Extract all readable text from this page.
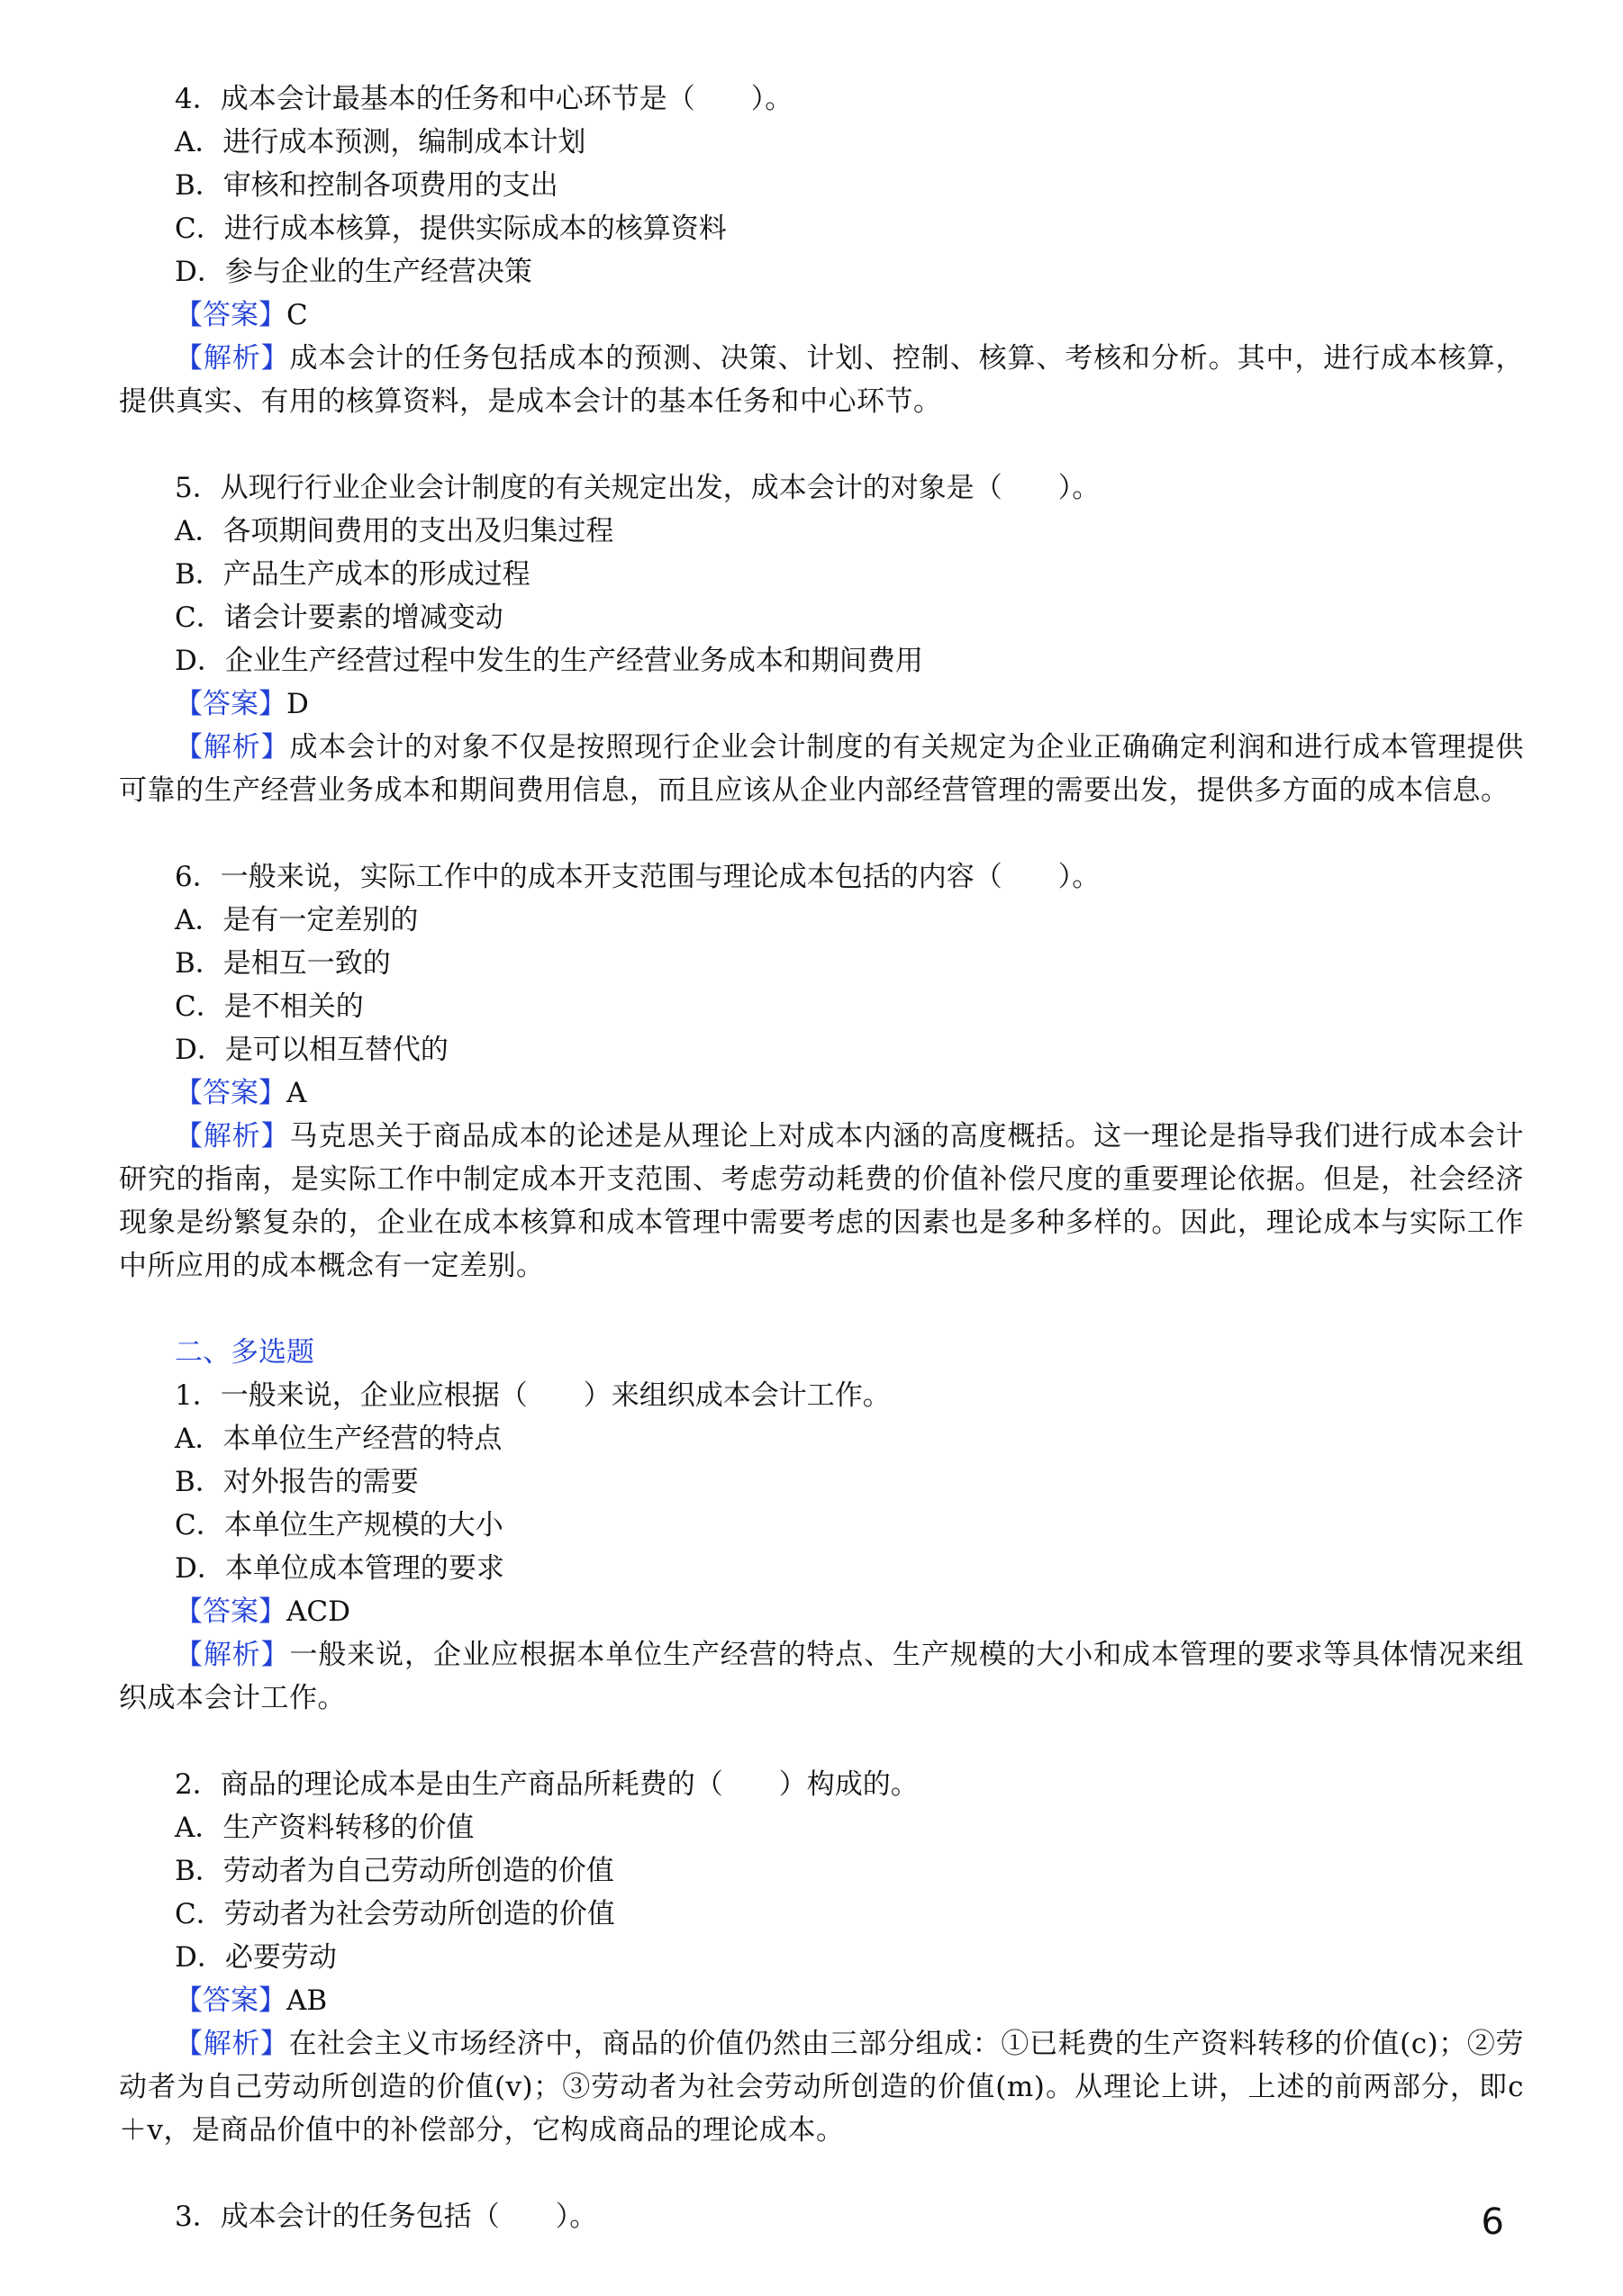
4．成本会计最基本的任务和中心环节是（　　）。
A．进行成本预测，编制成本计划
B．审核和控制各项费用的支出
C．进行成本核算，提供实际成本的核算资料
D．参与企业的生产经营决策
【答案】C
【解析】成本会计的任务包括成本的预测、决策、计划、控制、核算、考核和分析。其中，进行成本核算，提供真实、有用的核算资料，是成本会计的基本任务和中心环节。
5．从现行行业企业会计制度的有关规定出发，成本会计的对象是（　　）。
A．各项期间费用的支出及归集过程
B．产品生产成本的形成过程
C．诸会计要素的增减变动
D．企业生产经营过程中发生的生产经营业务成本和期间费用
【答案】D
【解析】成本会计的对象不仅是按照现行企业会计制度的有关规定为企业正确确定利润和进行成本管理提供可靠的生产经营业务成本和期间费用信息，而且应该从企业内部经营管理的需要出发，提供多方面的成本信息。
6．一般来说，实际工作中的成本开支范围与理论成本包括的内容（　　）。
A．是有一定差别的
B．是相互一致的
C．是不相关的
D．是可以相互替代的
【答案】A
【解析】马克思关于商品成本的论述是从理论上对成本内涵的高度概括。这一理论是指导我们进行成本会计研究的指南，是实际工作中制定成本开支范围、考虑劳动耗费的价值补偿尺度的重要理论依据。但是，社会经济现象是纷繁复杂的，企业在成本核算和成本管理中需要考虑的因素也是多种多样的。因此，理论成本与实际工作中所应用的成本概念有一定差别。
二、多选题
1．一般来说，企业应根据（　　）来组织成本会计工作。
A．本单位生产经营的特点
B．对外报告的需要
C．本单位生产规模的大小
D．本单位成本管理的要求
【答案】ACD
【解析】一般来说，企业应根据本单位生产经营的特点、生产规模的大小和成本管理的要求等具体情况来组织成本会计工作。
2．商品的理论成本是由生产商品所耗费的（　　）构成的。
A．生产资料转移的价值
B．劳动者为自己劳动所创造的价值
C．劳动者为社会劳动所创造的价值
D．必要劳动
【答案】AB
【解析】在社会主义市场经济中，商品的价值仍然由三部分组成：①已耗费的生产资料转移的价值(c)；②劳动者为自己劳动所创造的价值(v)；③劳动者为社会劳动所创造的价值(m)。从理论上讲，上述的前两部分，即c＋v，是商品价值中的补偿部分，它构成商品的理论成本。
3．成本会计的任务包括（　　）。	6
